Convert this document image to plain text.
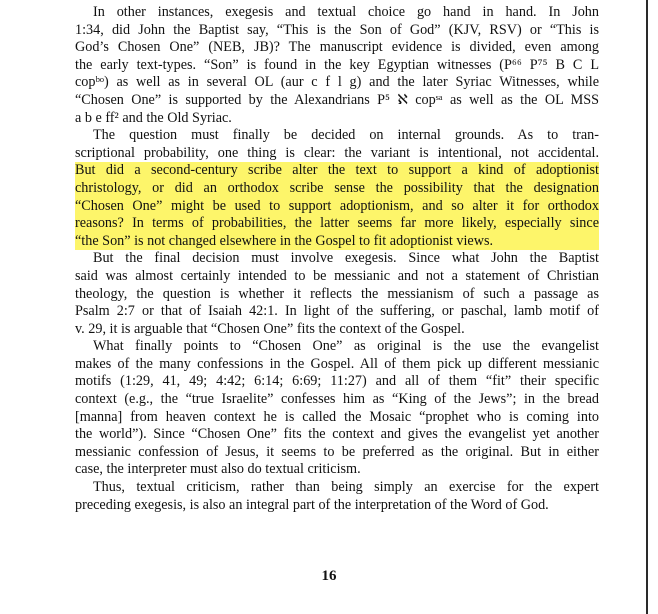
In other instances, exegesis and textual choice go hand in hand. In John
1:34, did John the Baptist say, “This is the Son of God” (KJV, RSV) or “This is
God’s Chosen One” (NEB, JB)? The manuscript evidence is divided, even among
the early text-types. “Son” is found in the key Egyptian witnesses (P⁶⁶ P⁷⁵ B C L
copᵇᵒ) as well as in several OL (aur c f l g) and the later Syriac Witnesses, while
“Chosen One” is supported by the Alexandrians P⁵ ℵ copˢᵃ as well as the OL MSS
a b e ff² and the Old Syriac.
The question must finally be decided on internal grounds. As to tran-
scriptional probability, one thing is clear: the variant is intentional, not accidental.
But did a second-century scribe alter the text to support a kind of adoptionist
christology, or did an orthodox scribe sense the possibility that the designation
“Chosen One” might be used to support adoptionism, and so alter it for orthodox
reasons? In terms of probabilities, the latter seems far more likely, especially since
“the Son” is not changed elsewhere in the Gospel to fit adoptionist views.
But the final decision must involve exegesis. Since what John the Baptist
said was almost certainly intended to be messianic and not a statement of Christian
theology, the question is whether it reflects the messianism of such a passage as
Psalm 2:7 or that of Isaiah 42:1. In light of the suffering, or paschal, lamb motif of
v. 29, it is arguable that “Chosen One” fits the context of the Gospel.
What finally points to “Chosen One” as original is the use the evangelist
makes of the many confessions in the Gospel. All of them pick up different messianic
motifs (1:29, 41, 49; 4:42; 6:14; 6:69; 11:27) and all of them “fit” their specific
context (e.g., the “true Israelite” confesses him as “King of the Jews”; in the bread
[manna] from heaven context he is called the Mosaic “prophet who is coming into
the world”). Since “Chosen One” fits the context and gives the evangelist yet another
messianic confession of Jesus, it seems to be preferred as the original. But in either
case, the interpreter must also do textual criticism.
Thus, textual criticism, rather than being simply an exercise for the expert
preceding exegesis, is also an integral part of the interpretation of the Word of God.
16
